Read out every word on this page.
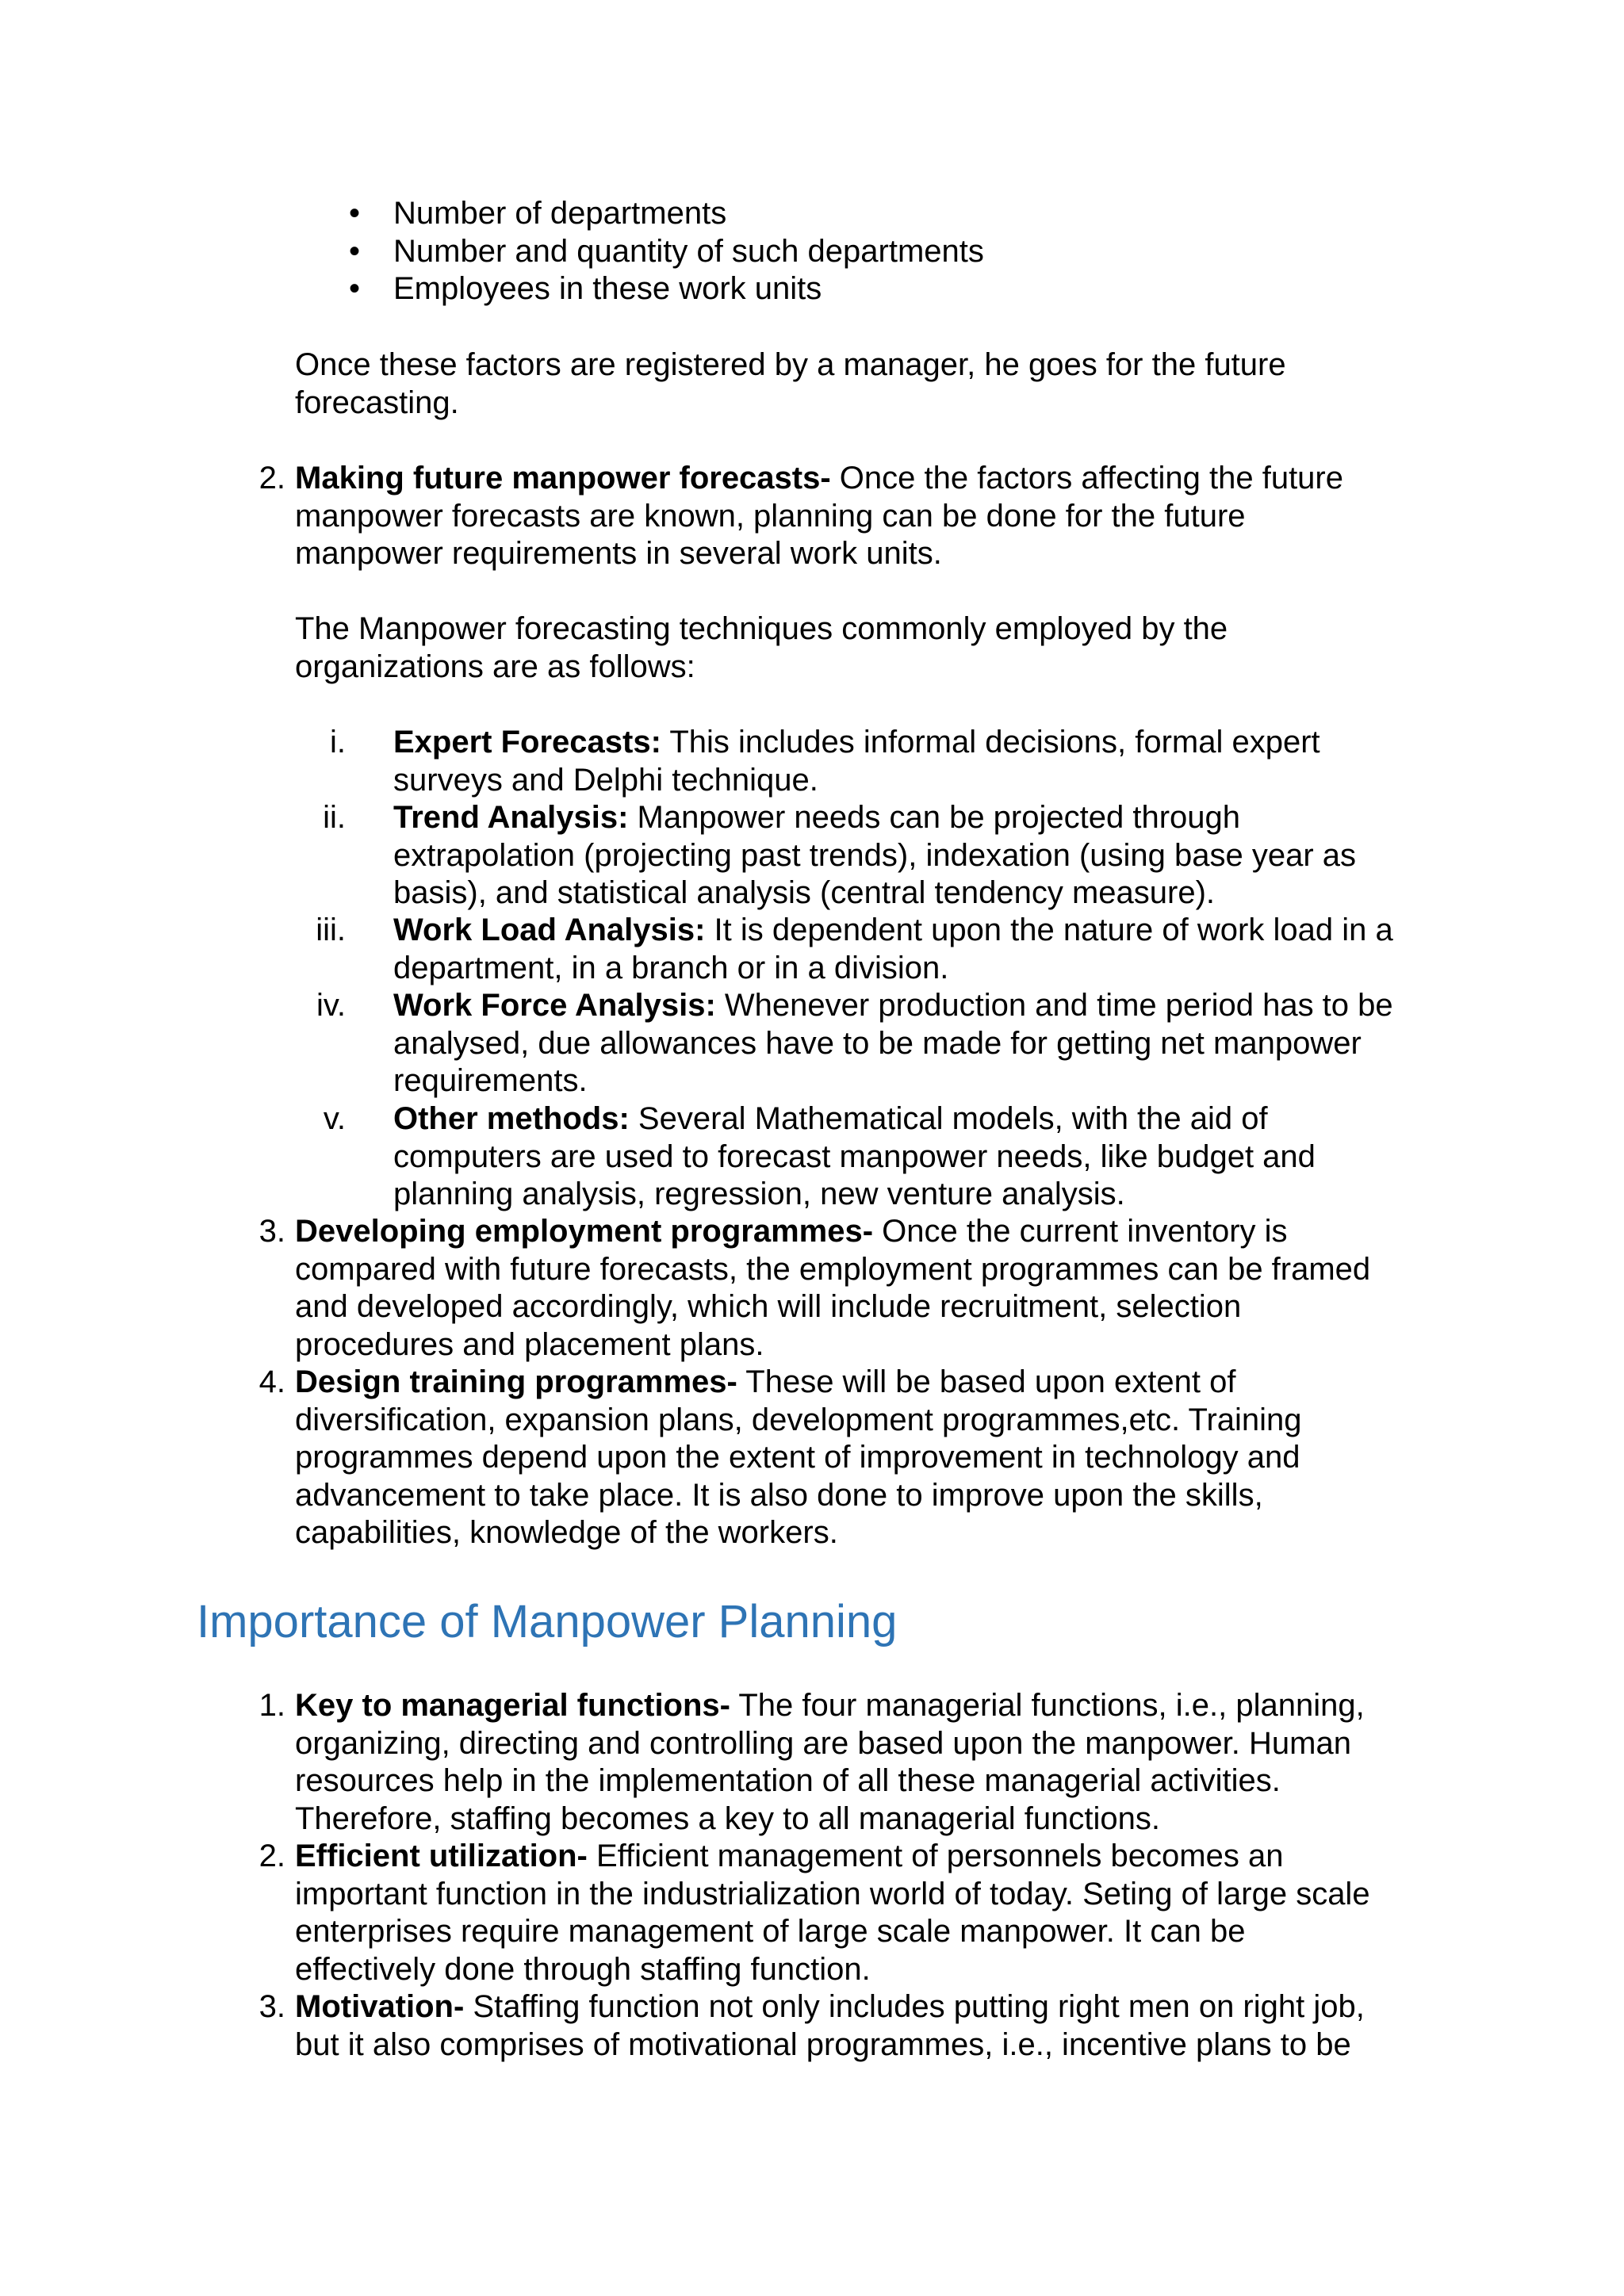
• Number of departments
• Number and quantity of such departments
• Employees in these work units

Once these factors are registered by a manager, he goes for the future
forecasting.

2. Making future manpower forecasts- Once the factors affecting the future
manpower forecasts are known, planning can be done for the future
manpower requirements in several work units.

The Manpower forecasting techniques commonly employed by the
organizations are as follows:

i. Expert Forecasts: This includes informal decisions, formal expert
surveys and Delphi technique.
ii. Trend Analysis: Manpower needs can be projected through
extrapolation (projecting past trends), indexation (using base year as
basis), and statistical analysis (central tendency measure).
iii. Work Load Analysis: It is dependent upon the nature of work load in a
department, in a branch or in a division.
iv. Work Force Analysis: Whenever production and time period has to be
analysed, due allowances have to be made for getting net manpower
requirements.
v. Other methods: Several Mathematical models, with the aid of
computers are used to forecast manpower needs, like budget and
planning analysis, regression, new venture analysis.
3. Developing employment programmes- Once the current inventory is
compared with future forecasts, the employment programmes can be framed
and developed accordingly, which will include recruitment, selection
procedures and placement plans.
4. Design training programmes- These will be based upon extent of
diversification, expansion plans, development programmes,etc. Training
programmes depend upon the extent of improvement in technology and
advancement to take place. It is also done to improve upon the skills,
capabilities, knowledge of the workers.
Importance of Manpower Planning
1. Key to managerial functions- The four managerial functions, i.e., planning,
organizing, directing and controlling are based upon the manpower. Human
resources help in the implementation of all these managerial activities.
Therefore, staffing becomes a key to all managerial functions.
2. Efficient utilization- Efficient management of personnels becomes an
important function in the industrialization world of today. Seting of large scale
enterprises require management of large scale manpower. It can be
effectively done through staffing function.
3. Motivation- Staffing function not only includes putting right men on right job,
but it also comprises of motivational programmes, i.e., incentive plans to be
